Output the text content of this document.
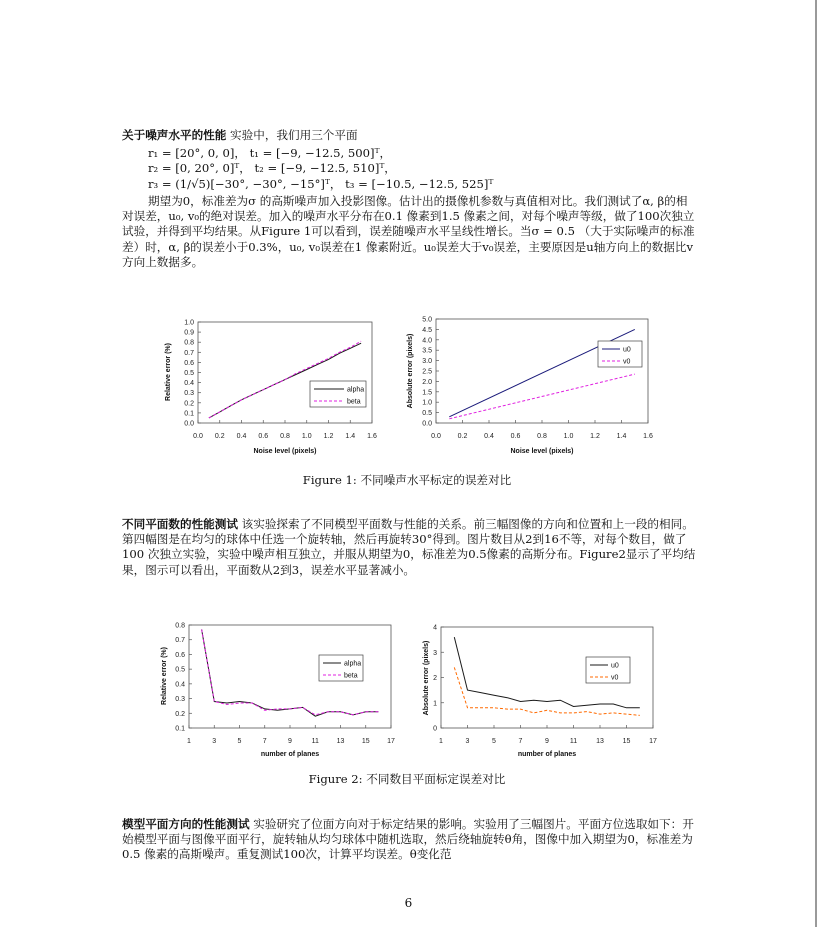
关于噪声水平的性能 实验中，我们用三个平面

r₁ = [20°, 0, 0]， t₁ = [−9, −12.5, 500]ᵀ，

r₂ = [0, 20°, 0]ᵀ， t₂ = [−9, −12.5, 510]ᵀ，

r₃ = (1/√5)[−30°, −30°, −15°]ᵀ， t₃ = [−10.5, −12.5, 525]ᵀ

期望为0，标准差为σ 的高斯噪声加入投影图像。估计出的摄像机参数与真值相对比。我们测试了α, β的相对误差，u₀, v₀的绝对误差。加入的噪声水平分布在0.1 像素到1.5 像素之间，对每个噪声等级，做了100次独立试验，并得到平均结果。从Figure 1可以看到，误差随噪声水平呈线性增长。当σ = 0.5 （大于实际噪声的标准差）时，α, β的误差小于0.3%，u₀, v₀误差在1 像素附近。u₀误差大于v₀误差，主要原因是u轴方向上的数据比v方向上数据多。

0.0
0.1
0.2
0.3
0.4
0.5
0.6
0.7
0.8
0.9
1.0
0.0 0.2 0.4 0.6 0.8 1.0 1.2 1.4 1.6
Noise level (pixels)
Relative error (%)	alpha
beta
0.0
0.5
1.0
1.5
2.0
2.5
3.0
3.5
4.0
4.5
5.0
0.0 0.2 0.4 0.6 0.8 1.0 1.2 1.4 1.6
Noise level (pixels)
Absolute error (pixels)	u0
v0
0.1
0.2
0.3
0.4
0.5
0.6
0.7
0.8
1	3	5	7	9	11	13 15 17
number of planes
Relative error (%)	alpha
beta
0
1
2
3
4
1	3	5	7	9	11	13	15	17
number of planes
Absolute error (pixels)	u0
v0

Figure 1: 不同噪声水平标定的误差对比

不同平面数的性能测试 该实验探索了不同模型平面数与性能的关系。前三幅图像的方向和位置和上一段的相同。第四幅图是在均匀的球体中任选一个旋转轴，然后再旋转30°得到。图片数目从2到16不等，对每个数目，做了100 次独立实验，实验中噪声相互独立，并服从期望为0，标准差为0.5像素的高斯分布。Figure2显示了平均结果，图示可以看出，平面数从2到3，误差水平显著减小。

Figure 2: 不同数目平面标定误差对比

模型平面方向的性能测试 实验研究了位面方向对于标定结果的影响。实验用了三幅图片。平面方位选取如下：开始模型平面与图像平面平行，旋转轴从均匀球体中随机选取，然后绕轴旋转θ角，图像中加入期望为0，标准差为0.5 像素的高斯噪声。重复测试100次，计算平均误差。θ变化范

6
